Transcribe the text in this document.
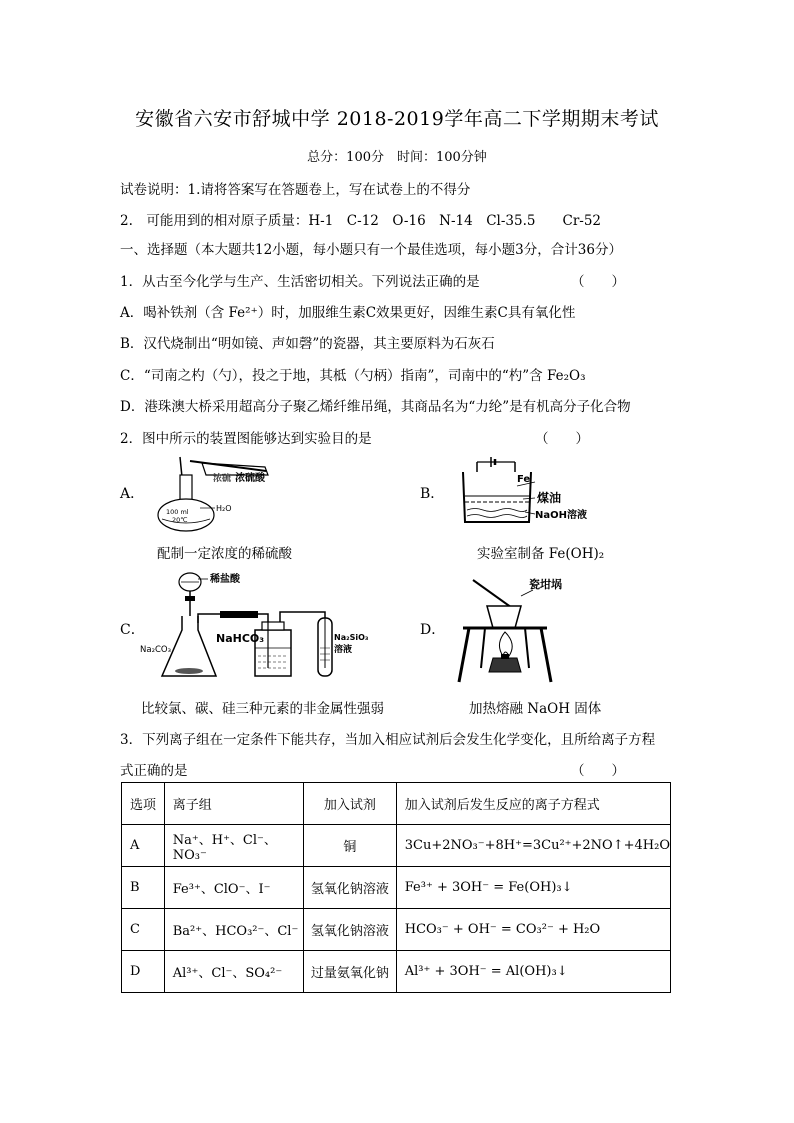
安徽省六安市舒城中学 2018-2019学年高二下学期期末考试
总分：100分　时间：100分钟
试卷说明：1.请将答案写在答题卷上，写在试卷上的不得分
2.　可能用到的相对原子质量：H-1　C-12　O-16　N-14　Cl-35.5　　Cr-52
一、选择题（本大题共12小题，每小题只有一个最佳选项，每小题3分，合计36分）
1．从古至今化学与生产、生活密切相关。下列说法正确的是	（　　）
A．喝补铁剂（含 Fe²⁺）时，加服维生素C效果更好，因维生素C具有氧化性
B．汉代烧制出“明如镜、声如磬”的瓷器，其主要原料为石灰石
C．“司南之杓（勺），投之于地，其柢（勺柄）指南”，司南中的“杓”含 Fe₂O₃
D．港珠澳大桥采用超高分子聚乙烯纤维吊绳，其商品名为“力纶”是有机高分子化合物
2．图中所示的装置图能够达到实验目的是	（　　）
A．	B．
C．	D．
浓硫 浓硫酸
100 ml
20℃
H₂O
Fe
煤油
NaOH溶液
稀盐酸
Na₂CO₃
NaHCO₃	Na₂SiO₃
溶液
瓷坩埚
配制一定浓度的稀硫酸	实验室制备 Fe(OH)₂
比较氯、碳、硅三种元素的非金属性强弱	加热熔融 NaOH 固体
3．下列离子组在一定条件下能共存，当加入相应试剂后会发生化学变化，且所给离子方程
式正确的是	（　　）
选项	离子组	加入试剂	加入试剂后发生反应的离子方程式
A	Na⁺、H⁺、Cl⁻、NO₃⁻	铜	3Cu+2NO₃⁻+8H⁺=3Cu²⁺+2NO↑+4H₂O
B	Fe³⁺、ClO⁻、I⁻	氢氧化钠溶液	Fe³⁺ + 3OH⁻ = Fe(OH)₃↓
C	Ba²⁺、HCO₃²⁻、Cl⁻	氢氧化钠溶液	HCO₃⁻ + OH⁻ = CO₃²⁻ + H₂O
D	Al³⁺、Cl⁻、SO₄²⁻	过量氨氧化钠	Al³⁺ + 3OH⁻ = Al(OH)₃↓
